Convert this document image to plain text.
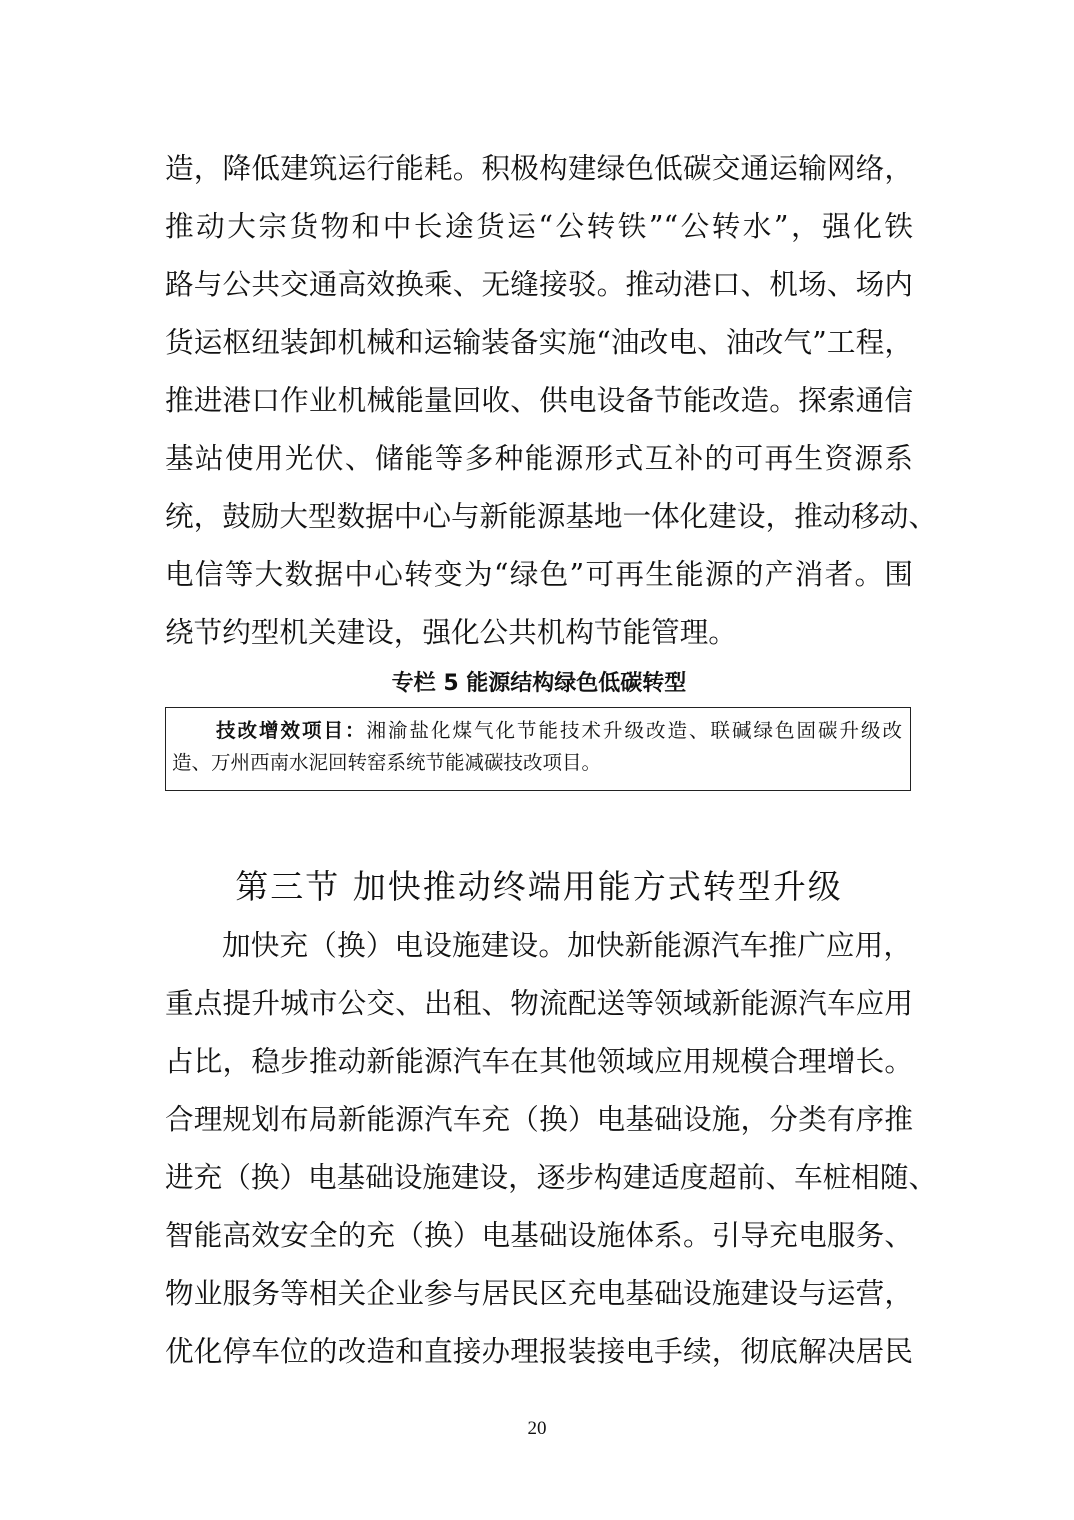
造，降低建筑运行能耗。积极构建绿色低碳交通运输网络，
推动大宗货物和中长途货运“公转铁”“公转水”，强化铁
路与公共交通高效换乘、无缝接驳。推动港口、机场、场内
货运枢纽装卸机械和运输装备实施“油改电、油改气”工程，
推进港口作业机械能量回收、供电设备节能改造。探索通信
基站使用光伏、储能等多种能源形式互补的可再生资源系
统，鼓励大型数据中心与新能源基地一体化建设，推动移动、
电信等大数据中心转变为“绿色”可再生能源的产消者。围
绕节约型机关建设，强化公共机构节能管理。
专栏 5 能源结构绿色低碳转型
技改增效项目：湘渝盐化煤气化节能技术升级改造、联碱绿色固碳升级改
造、万州西南水泥回转窑系统节能减碳技改项目。
第三节 加快推动终端用能方式转型升级
加快充（换）电设施建设。加快新能源汽车推广应用，
重点提升城市公交、出租、物流配送等领域新能源汽车应用
占比，稳步推动新能源汽车在其他领域应用规模合理增长。
合理规划布局新能源汽车充（换）电基础设施，分类有序推
进充（换）电基础设施建设，逐步构建适度超前、车桩相随、
智能高效安全的充（换）电基础设施体系。引导充电服务、
物业服务等相关企业参与居民区充电基础设施建设与运营，
优化停车位的改造和直接办理报装接电手续，彻底解决居民
20
